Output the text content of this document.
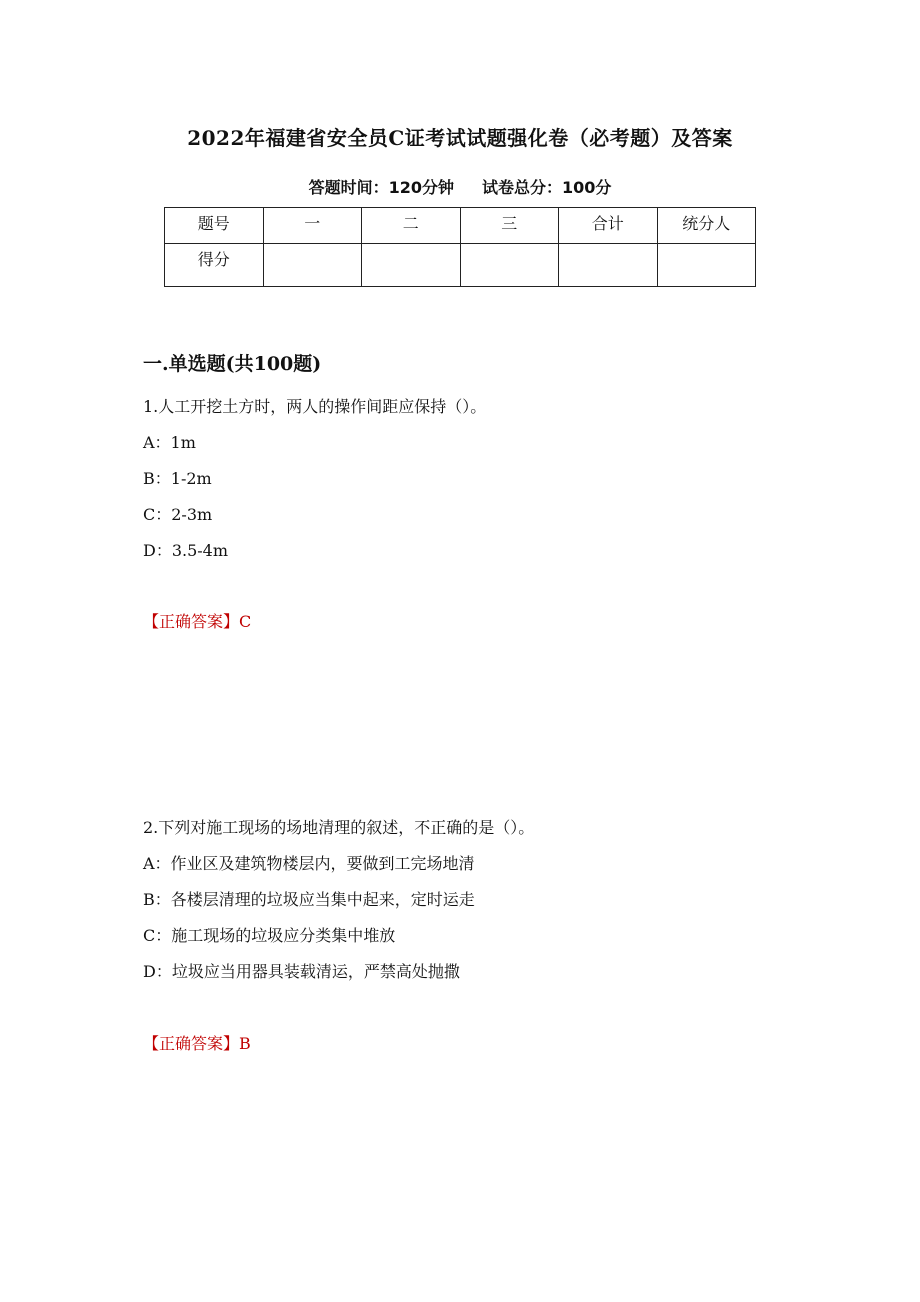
2022年福建省安全员C证考试试题强化卷（必考题）及答案
答题时间：120分钟 试卷总分：100分
题号	一	二	三	合计	统分人
得分					
一.单选题(共100题)
1.人工开挖土方时，两人的操作间距应保持（）。
A：1m
B：1-2m
C：2-3m
D：3.5-4m
【正确答案】C
2.下列对施工现场的场地清理的叙述，不正确的是（）。
A：作业区及建筑物楼层内，要做到工完场地清
B：各楼层清理的垃圾应当集中起来，定时运走
C：施工现场的垃圾应分类集中堆放
D：垃圾应当用器具装载清运，严禁高处抛撒
【正确答案】B
